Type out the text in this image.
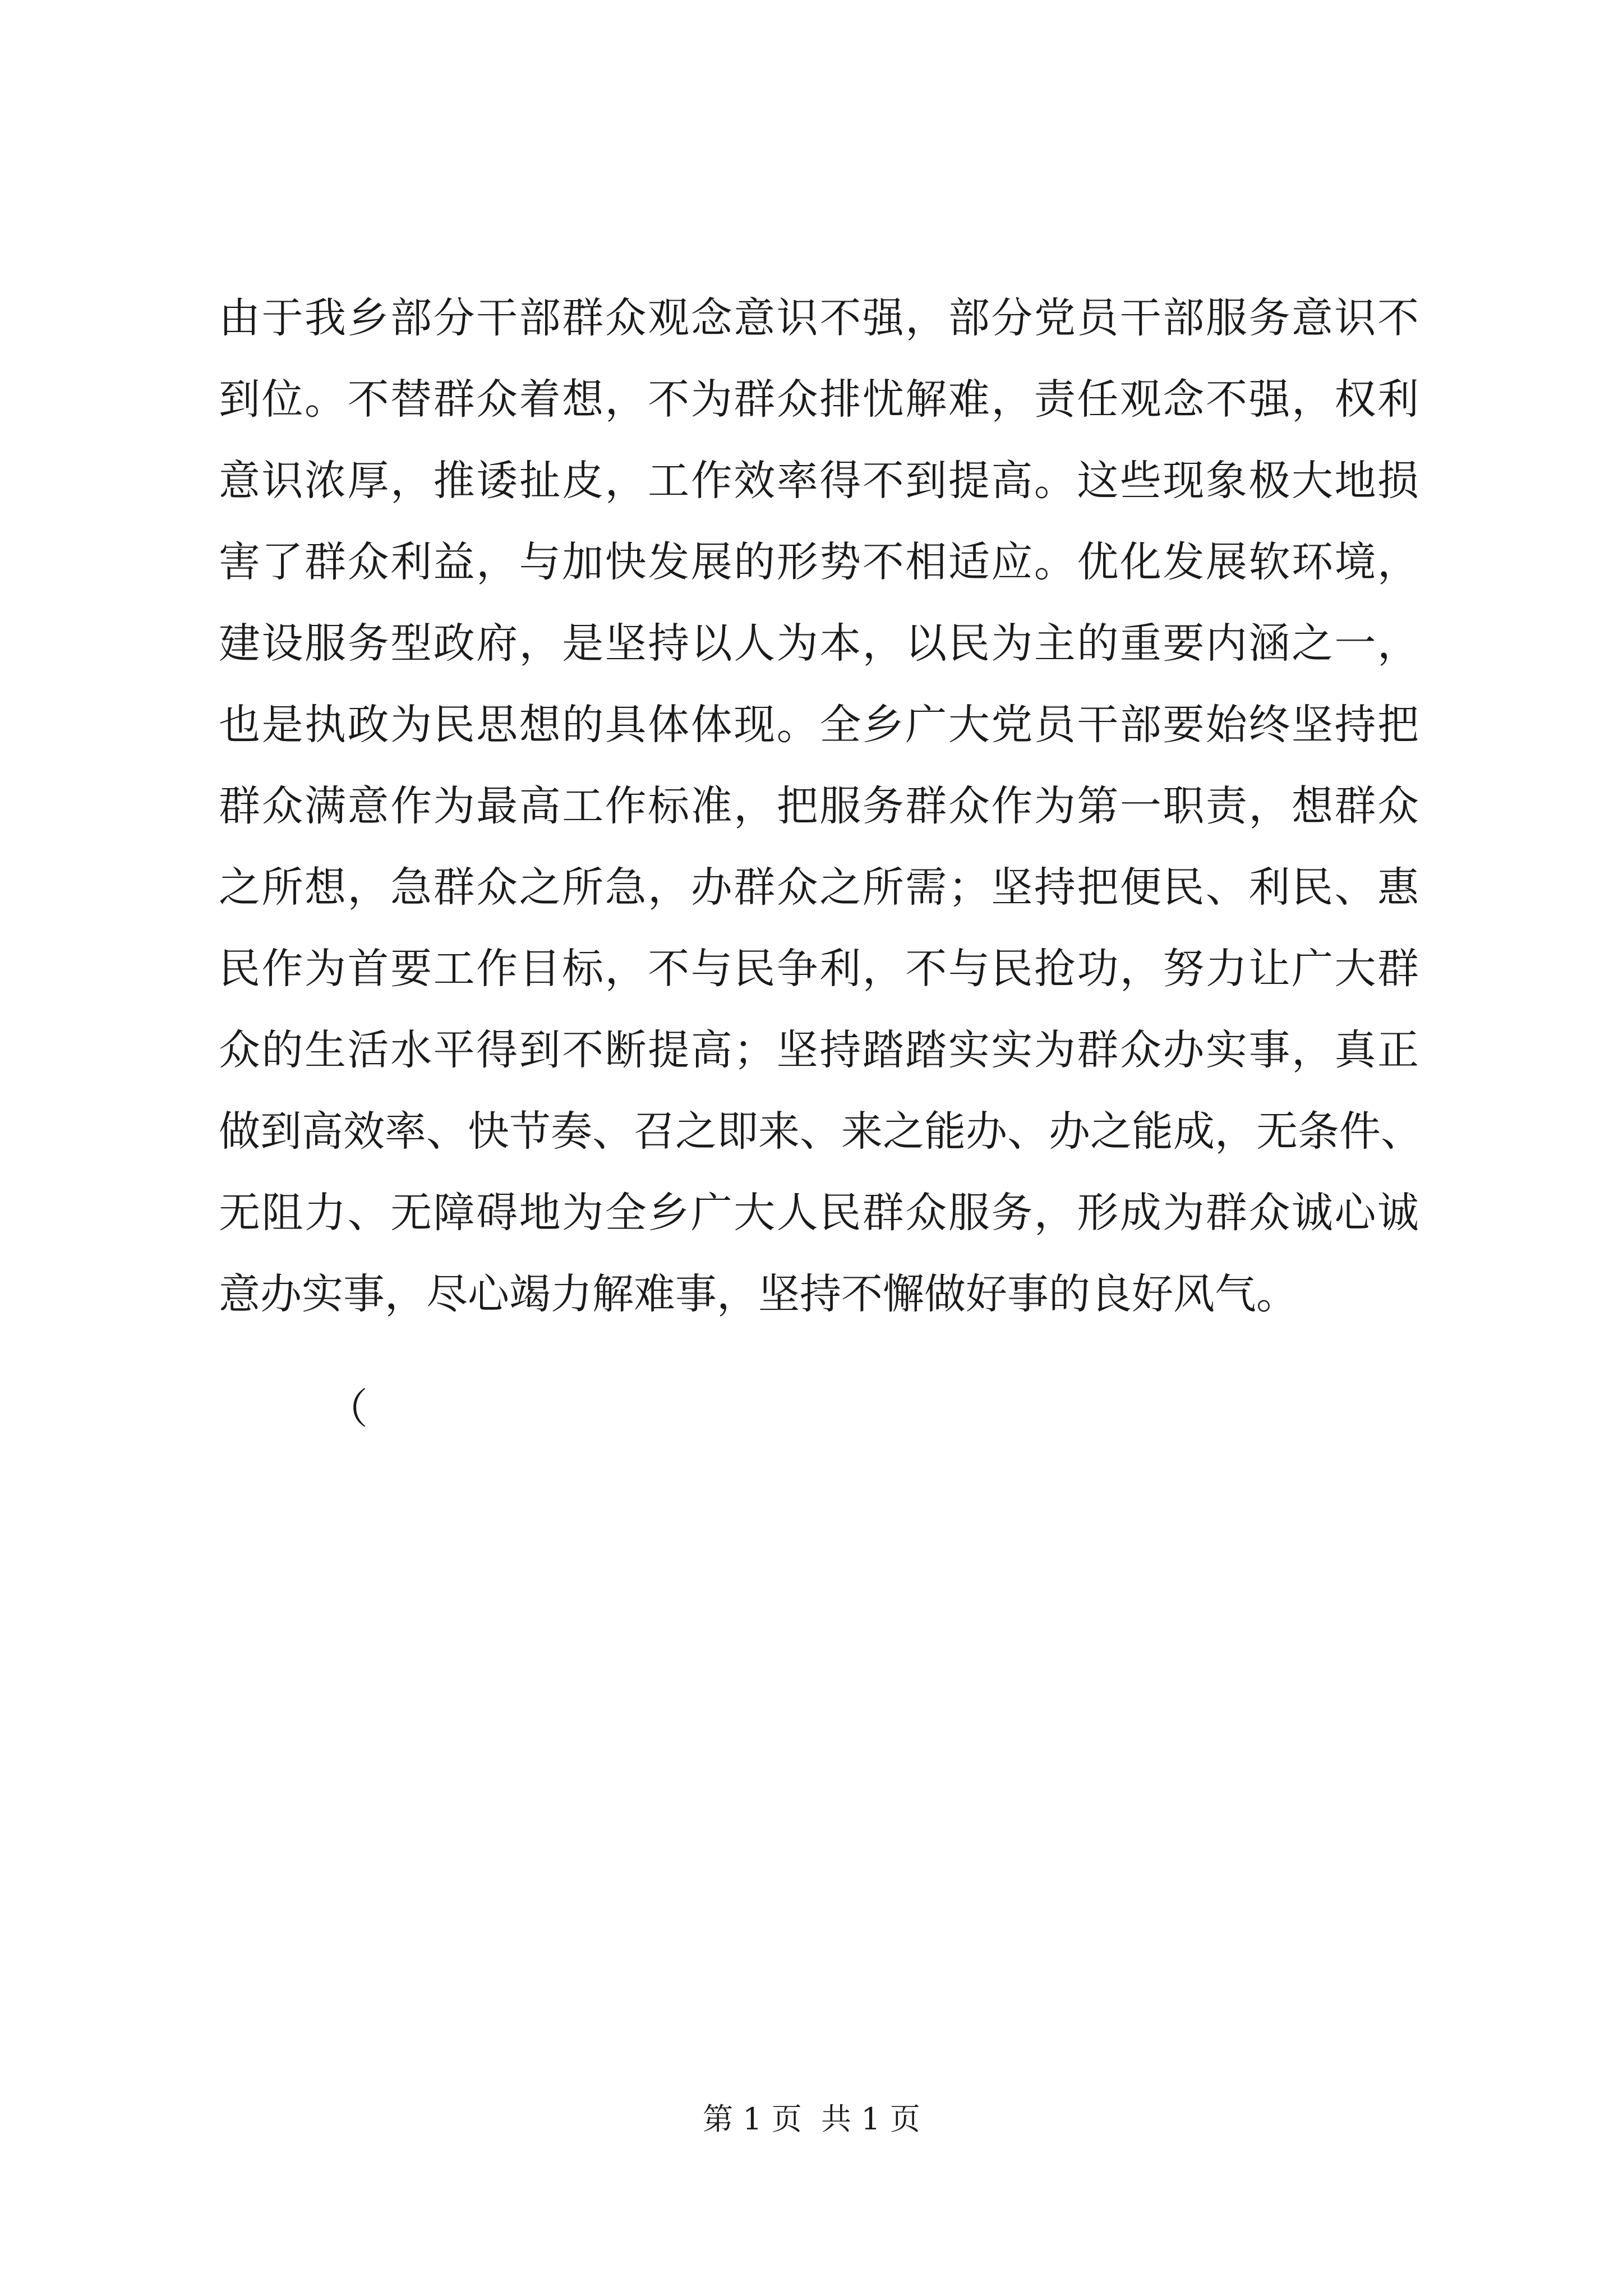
由于我乡部分干部群众观念意识不强，部分党员干部服务意识不
到位。不替群众着想，不为群众排忧解难，责任观念不强，权利
意识浓厚，推诿扯皮，工作效率得不到提高。这些现象极大地损
害了群众利益，与加快发展的形势不相适应。优化发展软环境，
建设服务型政府，是坚持以人为本，以民为主的重要内涵之一，
也是执政为民思想的具体体现。全乡广大党员干部要始终坚持把
群众满意作为最高工作标准，把服务群众作为第一职责，想群众
之所想，急群众之所急，办群众之所需；坚持把便民、利民、惠
民作为首要工作目标，不与民争利，不与民抢功，努力让广大群
众的生活水平得到不断提高；坚持踏踏实实为群众办实事，真正
做到高效率、快节奏、召之即来、来之能办、办之能成，无条件、
无阻力、无障碍地为全乡广大人民群众服务，形成为群众诚心诚
意办实事，尽心竭力解难事，坚持不懈做好事的良好风气。
（
第 1 页  共 1 页
